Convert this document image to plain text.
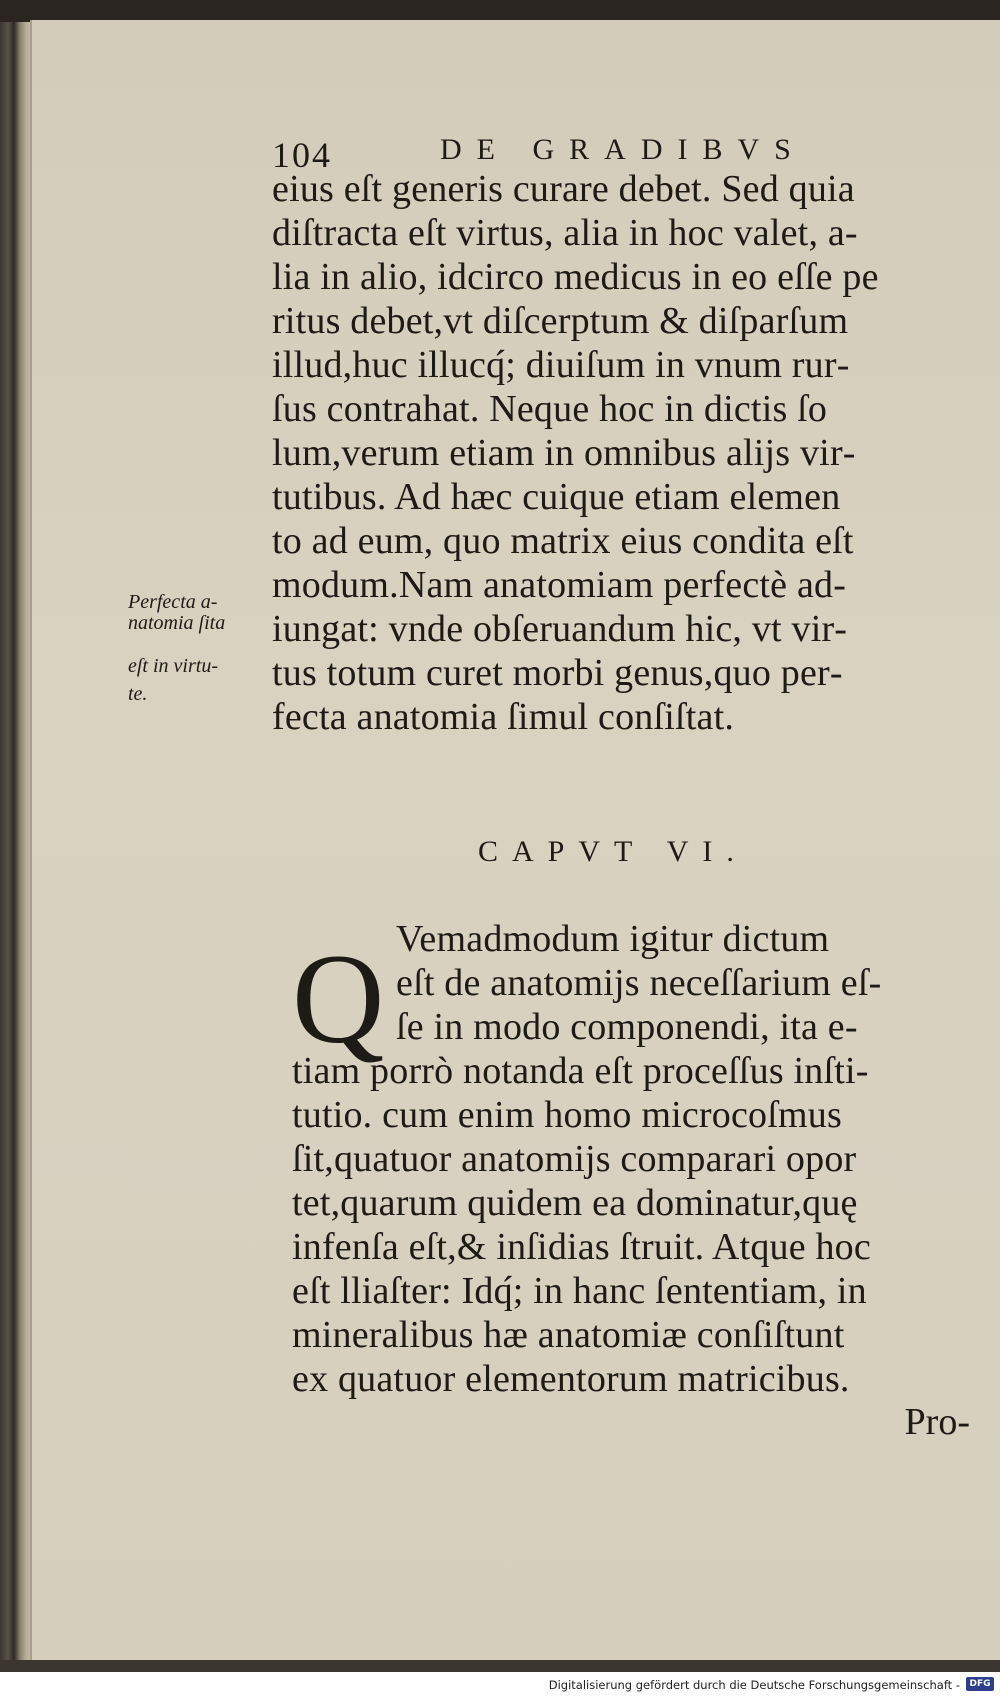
104	DE GRADIBVS
eius eſt generis curare debet. Sed quia
diſtracta eſt virtus, alia in hoc valet, a‑
lia in alio, idcirco medicus in eo eſſe pe
ritus debet,vt diſcerptum & diſparſum
illud,huc illucq́; diuiſum in vnum rur‑
ſus contrahat. Neque hoc in dictis ſo
lum,verum etiam in omnibus alijs vir‑
tutibus. Ad hæc cuique etiam elemen
to ad eum, quo matrix eius condita eſt
modum.Nam anatomiam perfectè ad‑
iungat: vnde obſeruandum hic, vt vir‑
tus totum curet morbi genus,quo per‑
fecta anatomia ſimul conſiſtat.
Perfecta a‑
natomia ſita
eſt in virtu‑
te.
CAPVT VI.
Q Vemadmodum igitur dictum
eſt de anatomijs neceſſarium eſ‑
ſe in modo componendi, ita e‑
tiam porrò notanda eſt proceſſus inſti‑
tutio. cum enim homo microcoſmus
ſit,quatuor anatomijs comparari opor
tet,quarum quidem ea dominatur,quę
infenſa eſt,& inſidias ſtruit. Atque hoc
eſt lliaſter: Idq́; in hanc ſententiam, in
mineralibus hæ anatomiæ conſiſtunt
ex quatuor elementorum matricibus.
Pro‑
Digitalisierung gefördert durch die Deutsche Forschungsgemeinschaft -	DFG
